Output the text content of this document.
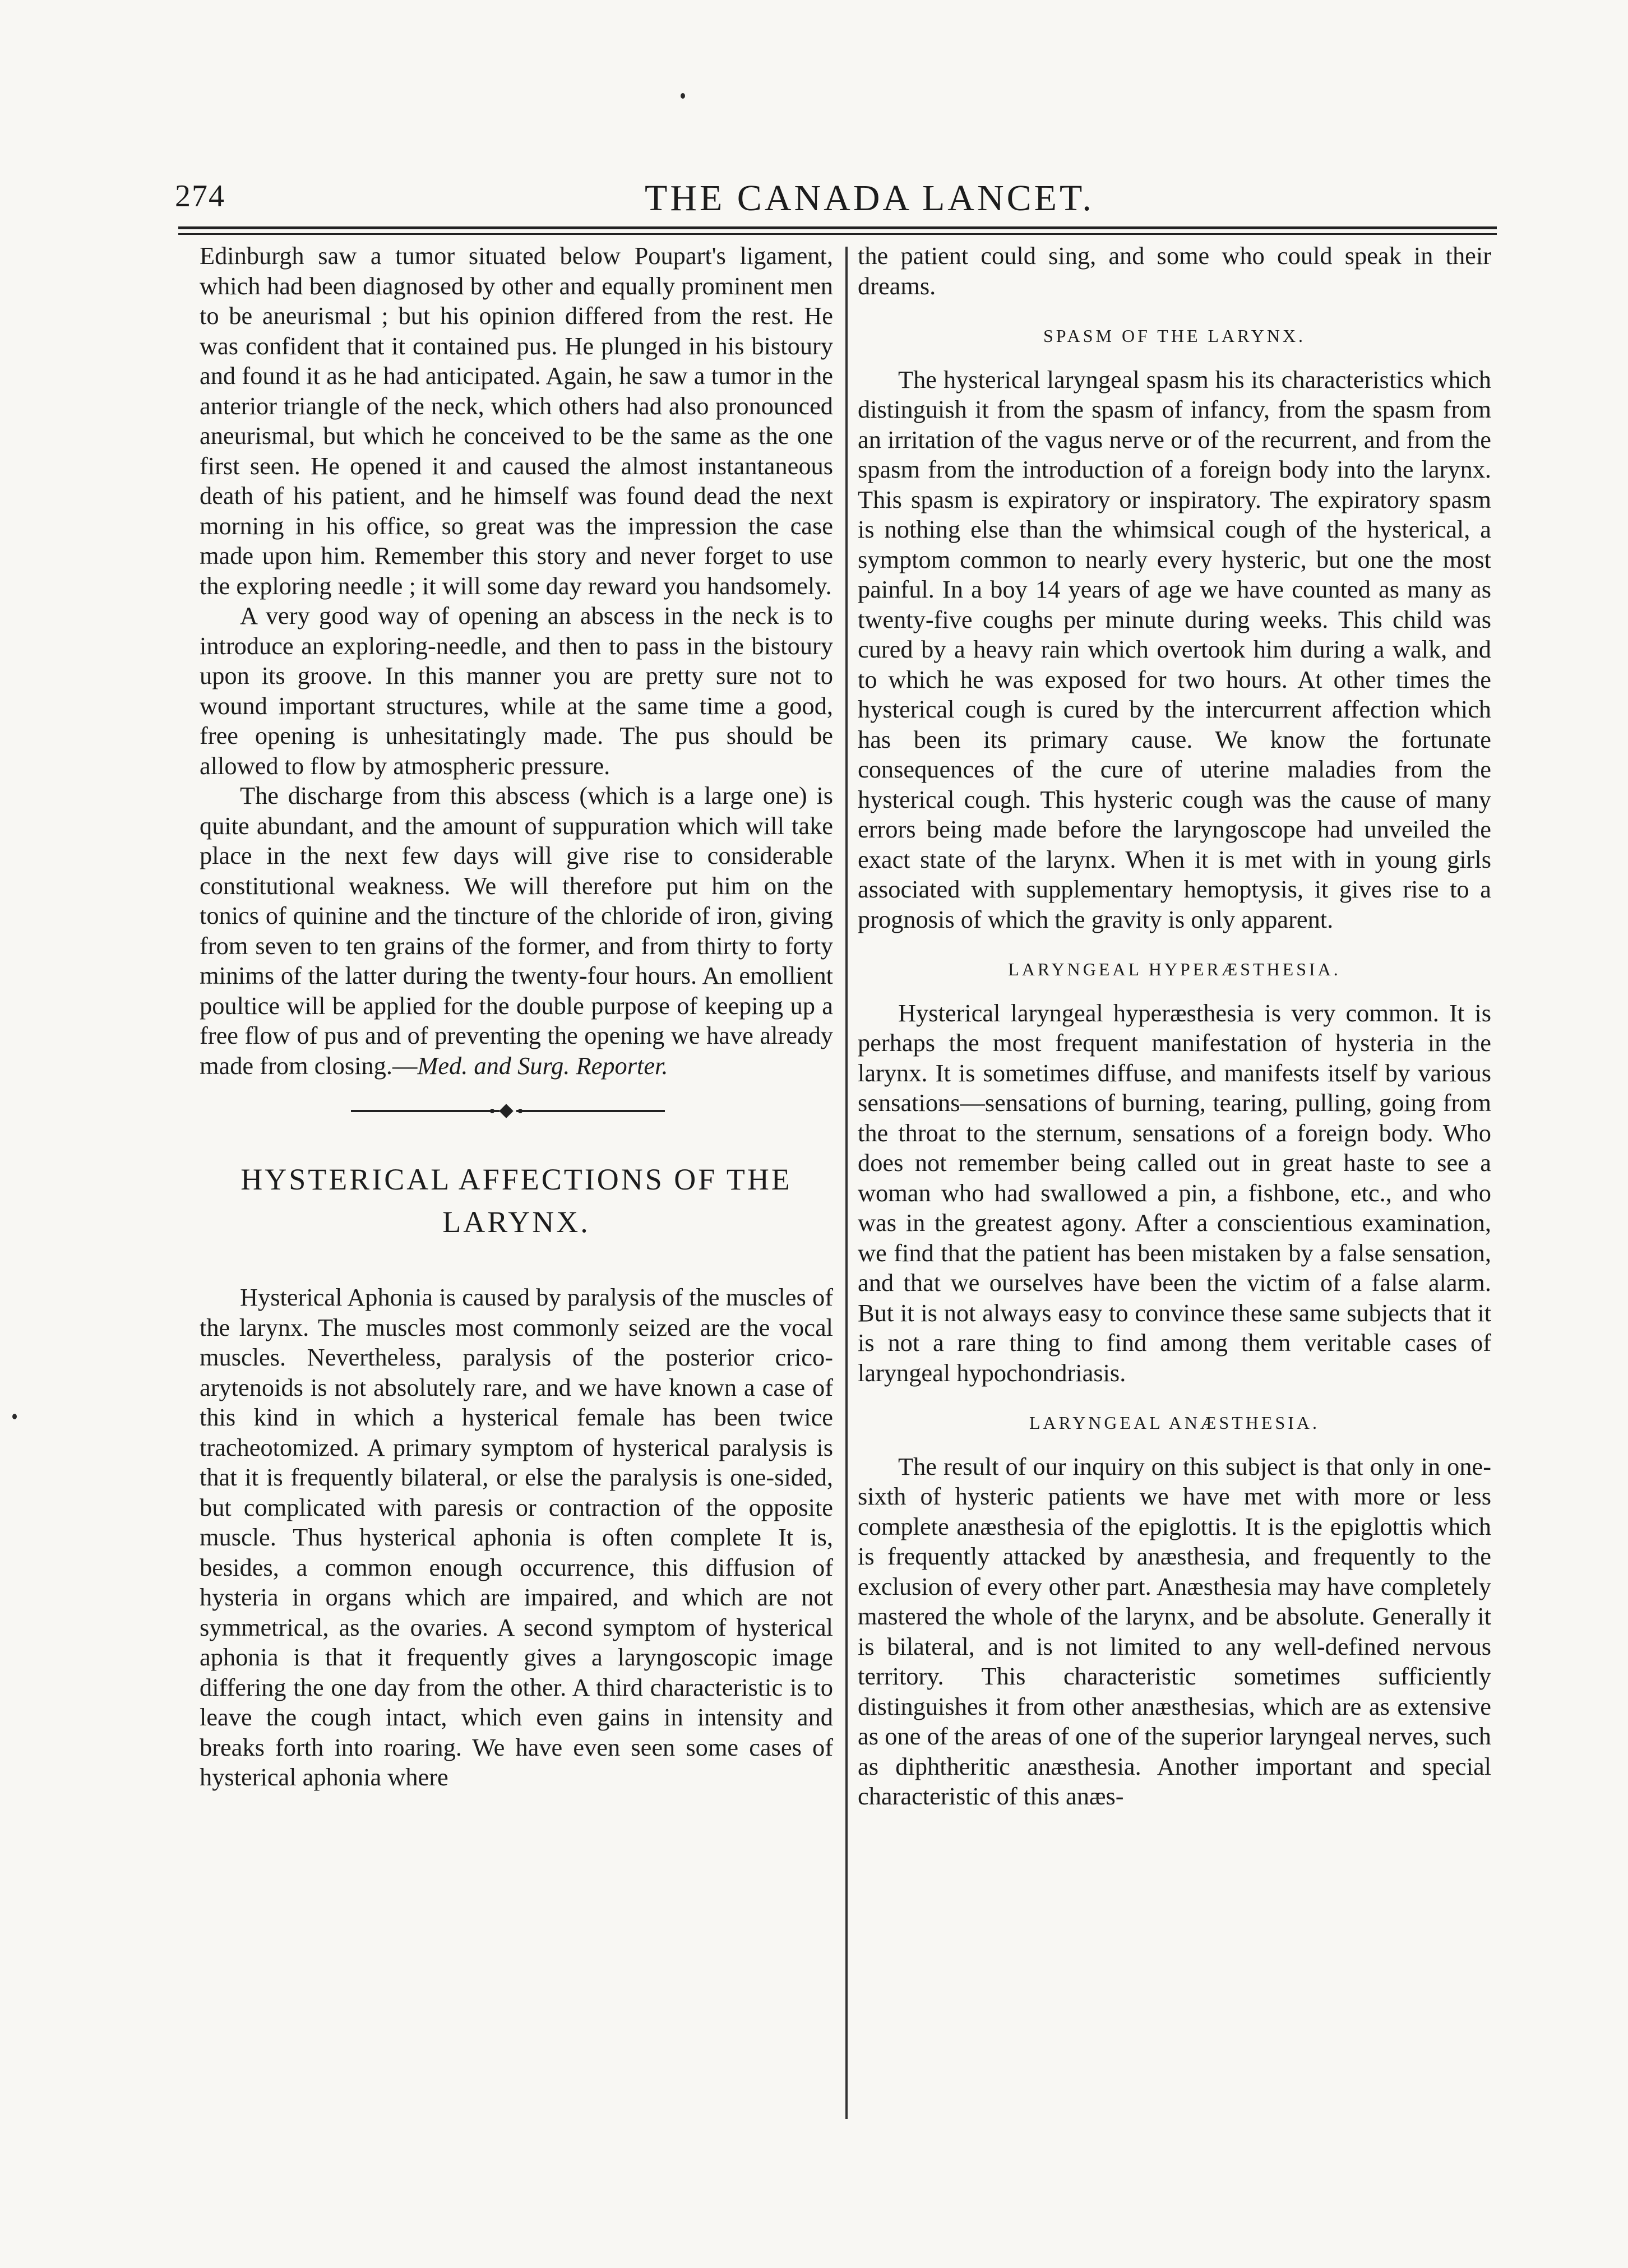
274	THE CANADA LANCET.

Edinburgh saw a tumor situated below Poupart's ligament, which had been diagnosed by other and equally prominent men to be aneurismal ; but his opinion differed from the rest. He was confident that it contained pus. He plunged in his bistoury and found it as he had anticipated. Again, he saw a tumor in the anterior triangle of the neck, which others had also pronounced aneurismal, but which he conceived to be the same as the one first seen. He opened it and caused the almost instantaneous death of his patient, and he himself was found dead the next morning in his office, so great was the impression the case made upon him. Remember this story and never forget to use the exploring needle ; it will some day reward you handsomely.

A very good way of opening an abscess in the neck is to introduce an exploring-needle, and then to pass in the bistoury upon its groove. In this manner you are pretty sure not to wound important structures, while at the same time a good, free opening is unhesitatingly made. The pus should be allowed to flow by atmospheric pressure.

The discharge from this abscess (which is a large one) is quite abundant, and the amount of suppuration which will take place in the next few days will give rise to considerable constitutional weakness. We will therefore put him on the tonics of quinine and the tincture of the chloride of iron, giving from seven to ten grains of the former, and from thirty to forty minims of the latter during the twenty-four hours. An emollient poultice will be applied for the double purpose of keeping up a free flow of pus and of preventing the opening we have already made from closing.—Med. and Surg. Reporter.

HYSTERICAL AFFECTIONS OF THE
LARYNX.

Hysterical Aphonia is caused by paralysis of the muscles of the larynx. The muscles most commonly seized are the vocal muscles. Nevertheless, paralysis of the posterior crico-arytenoids is not absolutely rare, and we have known a case of this kind in which a hysterical female has been twice tracheotomized. A primary symptom of hysterical paralysis is that it is frequently bilateral, or else the paralysis is one-sided, but complicated with paresis or contraction of the opposite muscle. Thus hysterical aphonia is often complete It is, besides, a common enough occurrence, this diffusion of hysteria in organs which are impaired, and which are not symmetrical, as the ovaries. A second symptom of hysterical aphonia is that it frequently gives a laryngoscopic image differing the one day from the other. A third characteristic is to leave the cough intact, which even gains in intensity and breaks forth into roaring. We have even seen some cases of hysterical aphonia where

the patient could sing, and some who could speak in their dreams.

SPASM OF THE LARYNX.

The hysterical laryngeal spasm his its characteristics which distinguish it from the spasm of infancy, from the spasm from an irritation of the vagus nerve or of the recurrent, and from the spasm from the introduction of a foreign body into the larynx. This spasm is expiratory or inspiratory. The expiratory spasm is nothing else than the whimsical cough of the hysterical, a symptom common to nearly every hysteric, but one the most painful. In a boy 14 years of age we have counted as many as twenty-five coughs per minute during weeks. This child was cured by a heavy rain which overtook him during a walk, and to which he was exposed for two hours. At other times the hysterical cough is cured by the intercurrent affection which has been its primary cause. We know the fortunate consequences of the cure of uterine maladies from the hysterical cough. This hysteric cough was the cause of many errors being made before the laryngoscope had unveiled the exact state of the larynx. When it is met with in young girls associated with supplementary hemoptysis, it gives rise to a prognosis of which the gravity is only apparent.

LARYNGEAL HYPERÆSTHESIA.

Hysterical laryngeal hyperæsthesia is very common. It is perhaps the most frequent manifestation of hysteria in the larynx. It is sometimes diffuse, and manifests itself by various sensations—sensations of burning, tearing, pulling, going from the throat to the sternum, sensations of a foreign body. Who does not remember being called out in great haste to see a woman who had swallowed a pin, a fishbone, etc., and who was in the greatest agony. After a conscientious examination, we find that the patient has been mistaken by a false sensation, and that we ourselves have been the victim of a false alarm. But it is not always easy to convince these same subjects that it is not a rare thing to find among them veritable cases of laryngeal hypochondriasis.

LARYNGEAL ANÆSTHESIA.

The result of our inquiry on this subject is that only in one-sixth of hysteric patients we have met with more or less complete anæsthesia of the epiglottis. It is the epiglottis which is frequently attacked by anæsthesia, and frequently to the exclusion of every other part. Anæsthesia may have completely mastered the whole of the larynx, and be absolute. Generally it is bilateral, and is not limited to any well-defined nervous territory. This characteristic sometimes sufficiently distinguishes it from other anæsthesias, which are as extensive as one of the areas of one of the superior laryngeal nerves, such as diphtheritic anæsthesia. Another important and special characteristic of this anæs-
